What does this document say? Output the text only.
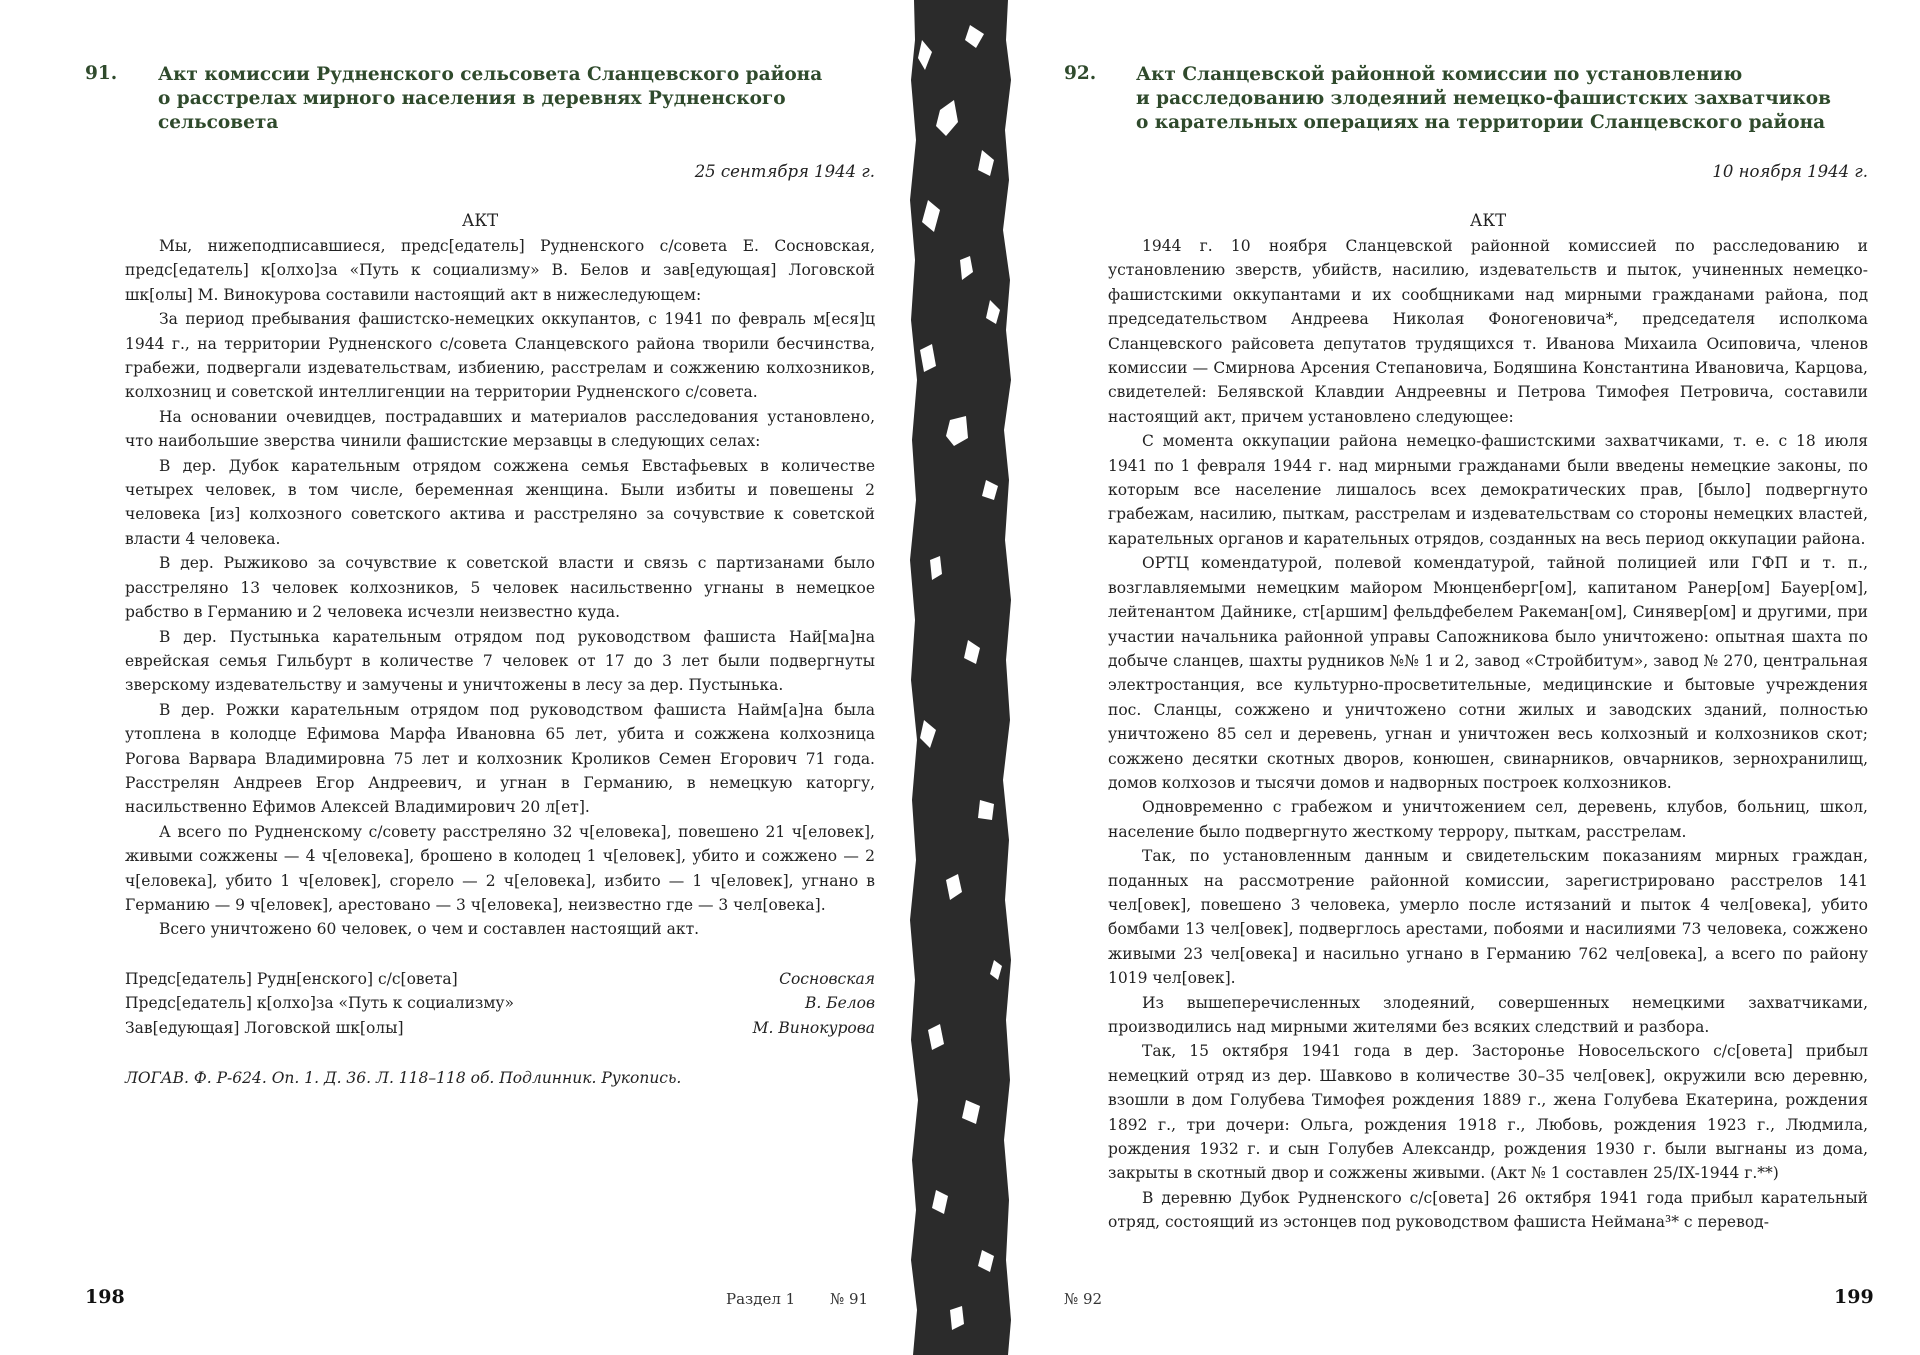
91. Акт комиссии Рудненского сельсовета Сланцевского района
о расстрелах мирного населения в деревнях Рудненского
сельсовета
25 сентября 1944 г.
АКТ

Мы, нижеподписавшиеся, предс[едатель] Рудненского с/совета Е. Сосновская, предс[едатель] к[олхо]за «Путь к социализму» В. Белов и зав[едующая] Логовской шк[олы] М. Винокурова составили настоящий акт в нижеследующем:

За период пребывания фашистско-немецких оккупантов, с 1941 по февраль м[еся]ц 1944 г., на территории Рудненского с/совета Сланцевского района творили бесчинства, грабежи, подвергали издевательствам, избиению, расстрелам и сожжению колхозников, колхозниц и советской интеллигенции на территории Рудненского с/совета.

На основании очевидцев, пострадавших и материалов расследования установлено, что наибольшие зверства чинили фашистские мерзавцы в следующих селах:

В дер. Дубок карательным отрядом сожжена семья Евстафьевых в количестве четырех человек, в том числе, беременная женщина. Были избиты и повешены 2 человека [из] колхозного советского актива и расстреляно за сочувствие к советской власти 4 человека.

В дер. Рыжиково за сочувствие к советской власти и связь с партизанами было расстреляно 13 человек колхозников, 5 человек насильственно угнаны в немецкое рабство в Германию и 2 человека исчезли неизвестно куда.

В дер. Пустынька карательным отрядом под руководством фашиста Най[ма]на еврейская семья Гильбурт в количестве 7 человек от 17 до 3 лет были подвергнуты зверскому издевательству и замучены и уничтожены в лесу за дер. Пустынька.

В дер. Рожки карательным отрядом под руководством фашиста Найм[а]на была утоплена в колодце Ефимова Марфа Ивановна 65 лет, убита и сожжена колхозница Рогова Варвара Владимировна 75 лет и колхозник Кроликов Семен Егорович 71 года. Расстрелян Андреев Егор Андреевич, и угнан в Германию, в немецкую каторгу, насильственно Ефимов Алексей Владимирович 20 л[ет].

А всего по Рудненскому с/совету расстреляно 32 ч[еловека], повешено 21 ч[еловек], живыми сожжены — 4 ч[еловека], брошено в колодец 1 ч[еловек], убито и сожжено — 2 ч[еловека], убито 1 ч[еловек], сгорело — 2 ч[еловека], избито — 1 ч[еловек], угнано в Германию — 9 ч[еловек], арестовано — 3 ч[еловека], неизвестно где — 3 чел[овека].

Всего уничтожено 60 человек, о чем и составлен настоящий акт.

Предс[едатель] Рудн[енского] с/с[овета]	Сосновская
Предс[едатель] к[олхо]за «Путь к социализму»	В. Белов
Зав[едующая] Логовской шк[олы]	М. Винокурова
ЛОГАВ. Ф. Р-624. Оп. 1. Д. 36. Л. 118–118 об. Подлинник. Рукопись.
198	Раздел 1 № 91
92. Акт Сланцевской районной комиссии по установлению
и расследованию злодеяний немецко-фашистских захватчиков
о карательных операциях на территории Сланцевского района
10 ноября 1944 г.
АКТ

1944 г. 10 ноября Сланцевской районной комиссией по расследованию и установлению зверств, убийств, насилию, издевательств и пыток, учиненных немецко-фашистскими оккупантами и их сообщниками над мирными гражданами района, под председательством Андреева Николая Фоногеновича*, председателя исполкома Сланцевского райсовета депутатов трудящихся т. Иванова Михаила Осиповича, членов комиссии — Смирнова Арсения Степановича, Бодяшина Константина Ивановича, Карцова, свидетелей: Белявской Клавдии Андреевны и Петрова Тимофея Петровича, составили настоящий акт, причем установлено следующее:

С момента оккупации района немецко-фашистскими захватчиками, т. е. с 18 июля 1941 по 1 февраля 1944 г. над мирными гражданами были введены немецкие законы, по которым все население лишалось всех демократических прав, [было] подвергнуто грабежам, насилию, пыткам, расстрелам и издевательствам со стороны немецких властей, карательных органов и карательных отрядов, созданных на весь период оккупации района.

ОРТЦ комендатурой, полевой комендатурой, тайной полицией или ГФП и т. п., возглавляемыми немецким майором Мюнценберг[ом], капитаном Ранер[ом] Бауер[ом], лейтенантом Дайнике, ст[аршим] фельдфебелем Ракеман[ом], Синявер[ом] и другими, при участии начальника районной управы Сапожникова было уничтожено: опытная шахта по добыче сланцев, шахты рудников №№ 1 и 2, завод «Стройбитум», завод № 270, центральная электростанция, все культурно-просветительные, медицинские и бытовые учреждения пос. Сланцы, сожжено и уничтожено сотни жилых и заводских зданий, полностью уничтожено 85 сел и деревень, угнан и уничтожен весь колхозный и колхозников скот; сожжено десятки скотных дворов, конюшен, свинарников, овчарников, зернохранилищ, домов колхозов и тысячи домов и надворных построек колхозников.

Одновременно с грабежом и уничтожением сел, деревень, клубов, больниц, школ, население было подвергнуто жесткому террору, пыткам, расстрелам.

Так, по установленным данным и свидетельским показаниям мирных граждан, поданных на рассмотрение районной комиссии, зарегистрировано расстрелов 141 чел[овек], повешено 3 человека, умерло после истязаний и пыток 4 чел[овека], убито бомбами 13 чел[овек], подверглось арестами, побоями и насилиями 73 человека, сожжено живыми 23 чел[овека] и насильно угнано в Германию 762 чел[овека], а всего по району 1019 чел[овек].

Из вышеперечисленных злодеяний, совершенных немецкими захватчиками, производились над мирными жителями без всяких следствий и разбора.

Так, 15 октября 1941 года в дер. Засторонье Новосельского с/с[овета] прибыл немецкий отряд из дер. Шавково в количестве 30–35 чел[овек], окружили всю деревню, взошли в дом Голубева Тимофея рождения 1889 г., жена Голубева Екатерина, рождения 1892 г., три дочери: Ольга, рождения 1918 г., Любовь, рождения 1923 г., Людмила, рождения 1932 г. и сын Голубев Александр, рождения 1930 г. были выгнаны из дома, закрыты в скотный двор и сожжены живыми. (Акт № 1 составлен 25/IX-1944 г.**)

В деревню Дубок Рудненского с/с[овета] 26 октября 1941 года прибыл карательный отряд, состоящий из эстонцев под руководством фашиста Неймана³* с перевод-

№ 92	199
